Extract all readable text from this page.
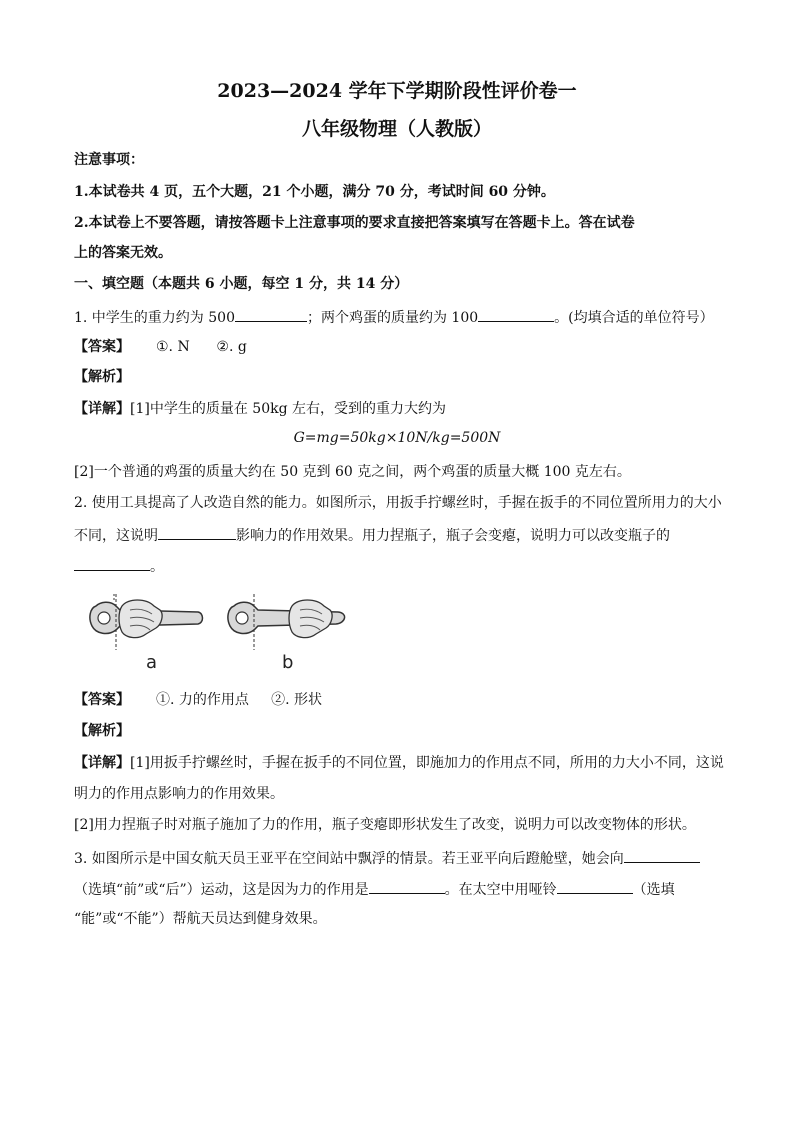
2023—2024 学年下学期阶段性评价卷一
八年级物理（人教版）
注意事项：
1.本试卷共 4 页，五个大题，21 个小题，满分 70 分，考试时间 60 分钟。
2.本试卷上不要答题，请按答题卡上注意事项的要求直接把答案填写在答题卡上。答在试卷
上的答案无效。
一、填空题（本题共 6 小题，每空 1 分，共 14 分）
1. 中学生的重力约为 500	；两个鸡蛋的质量约为 100	。(均填合适的单位符号）
【答案】 ①. N      ②. g
【解析】
【详解】[1]中学生的质量在 50kg 左右，受到的重力大约为
G=mg=50kg×10N/kg=500N
[2]一个普通的鸡蛋的质量大约在 50 克到 60 克之间，两个鸡蛋的质量大概 100 克左右。
2. 使用工具提高了人改造自然的能力。如图所示，用扳手拧螺丝时，手握在扳手的不同位置所用力的大小
不同，这说明	影响力的作用效果。用力捏瓶子，瓶子会变瘪，说明力可以改变瓶子的
。
a	b
【答案】 ①. 力的作用点     ②. 形状
【解析】
【详解】[1]用扳手拧螺丝时，手握在扳手的不同位置，即施加力的作用点不同，所用的力大小不同，这说
明力的作用点影响力的作用效果。
[2]用力捏瓶子时对瓶子施加了力的作用，瓶子变瘪即形状发生了改变，说明力可以改变物体的形状。
3. 如图所示是中国女航天员王亚平在空间站中飘浮的情景。若王亚平向后蹬舱壁，她会向
（选填“前”或“后”）运动，这是因为力的作用是	。在太空中用哑铃	（选填
“能”或“不能”）帮航天员达到健身效果。
